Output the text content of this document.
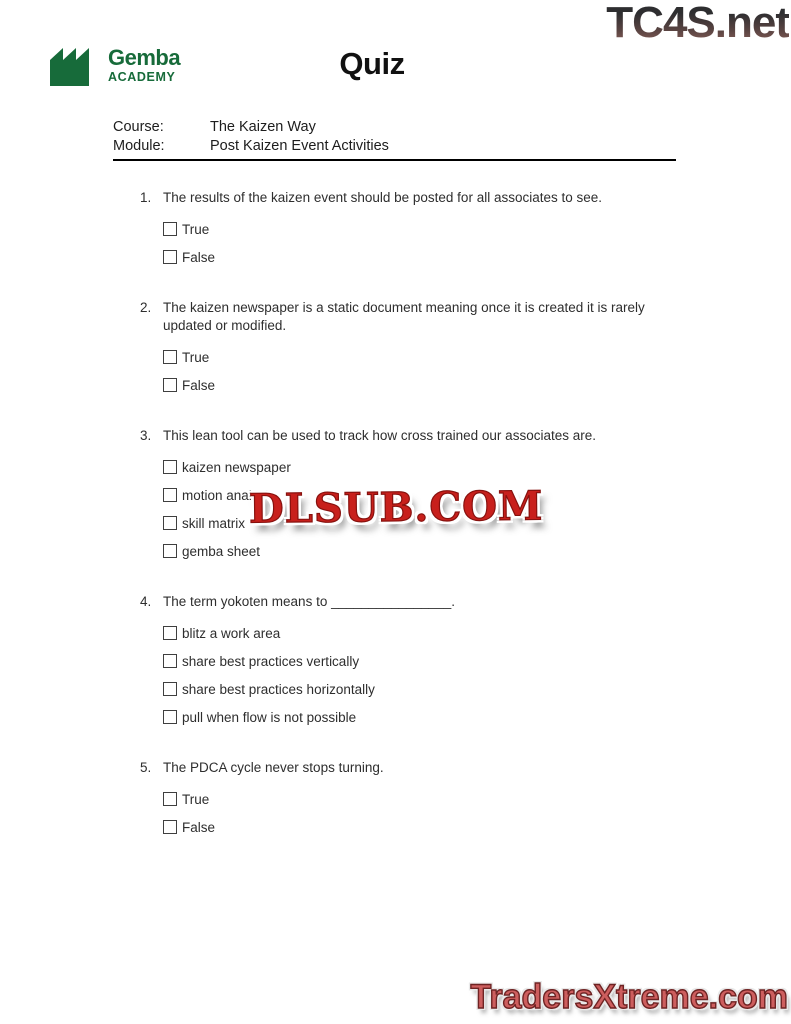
TC4S.net
Gemba
ACADEMY	Quiz
Course:	The Kaizen Way
Module:	Post Kaizen Event Activities
1. The results of the kaizen event should be posted for all associates to see.
True
False
2. The kaizen newspaper is a static document meaning once it is created it is rarely updated or modified.
True
False
3. This lean tool can be used to track how cross trained our associates are.
kaizen newspaper
motion analysis
skill matrix
gemba sheet
4. The term yokoten means to ________________.
blitz a work area
share best practices vertically
share best practices horizontally
pull when flow is not possible
5. The PDCA cycle never stops turning.
True
False
DLSUB.COM
TradersXtreme.com
